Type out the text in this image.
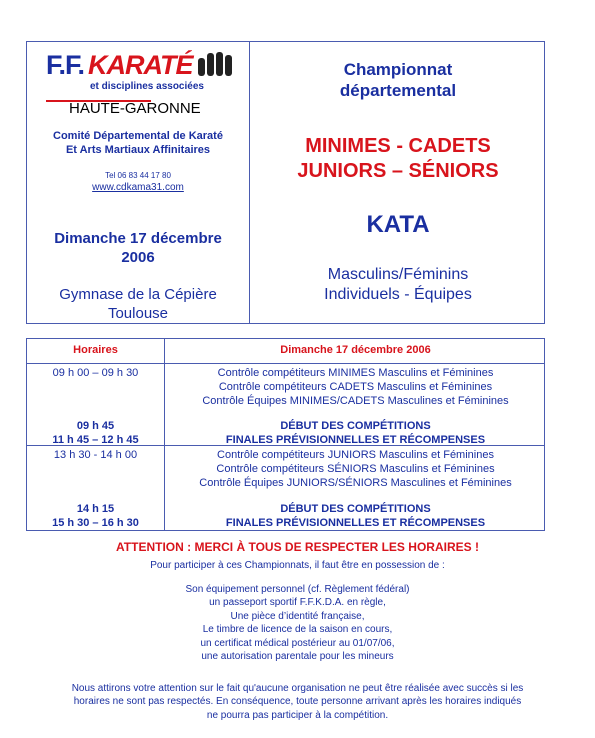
F.F. KARATÉ
et disciplines associées
HAUTE-GARONNE
Comité Départemental de Karaté
Et Arts Martiaux Affinitaires
Tel 06 83 44 17 80
www.cdkama31.com
Dimanche 17 décembre
2006
Gymnase de la Cépière
Toulouse
Championnat
départemental
MINIMES - CADETS
JUNIORS – SÉNIORS
KATA
Masculins/Féminins
Individuels - Équipes
Horaires	Dimanche 17 décembre 2006
09 h 00 – 09 h 30	Contrôle compétiteurs MINIMES Masculins et Féminines
Contrôle compétiteurs CADETS Masculins et Féminines
Contrôle Équipes MINIMES/CADETS Masculines et Féminines
09 h 45	DÉBUT DES COMPÉTITIONS
11 h 45 – 12 h 45	FINALES PRÉVISIONNELLES ET RÉCOMPENSES
13 h 30 - 14 h 00	Contrôle compétiteurs JUNIORS Masculins et Féminines
Contrôle compétiteurs SÉNIORS Masculins et Féminines
Contrôle Équipes JUNIORS/SÉNIORS Masculines et Féminines
14 h 15	DÉBUT DES COMPÉTITIONS
15 h 30 – 16 h 30	FINALES PRÉVISIONNELLES ET RÉCOMPENSES
ATTENTION : MERCI À TOUS DE RESPECTER LES HORAIRES !
Pour participer à ces Championnats, il faut être en possession de :
Son équipement personnel (cf. Règlement fédéral)
un passeport sportif F.F.K.D.A. en règle,
Une pièce d’identité française,
Le timbre de licence de la saison en cours,
un certificat médical postérieur au 01/07/06,
une autorisation parentale pour les mineurs
Nous attirons votre attention sur le fait qu'aucune organisation ne peut être réalisée avec succès si les
horaires ne sont pas respectés. En conséquence, toute personne arrivant après les horaires indiqués
ne pourra pas participer à la compétition.
